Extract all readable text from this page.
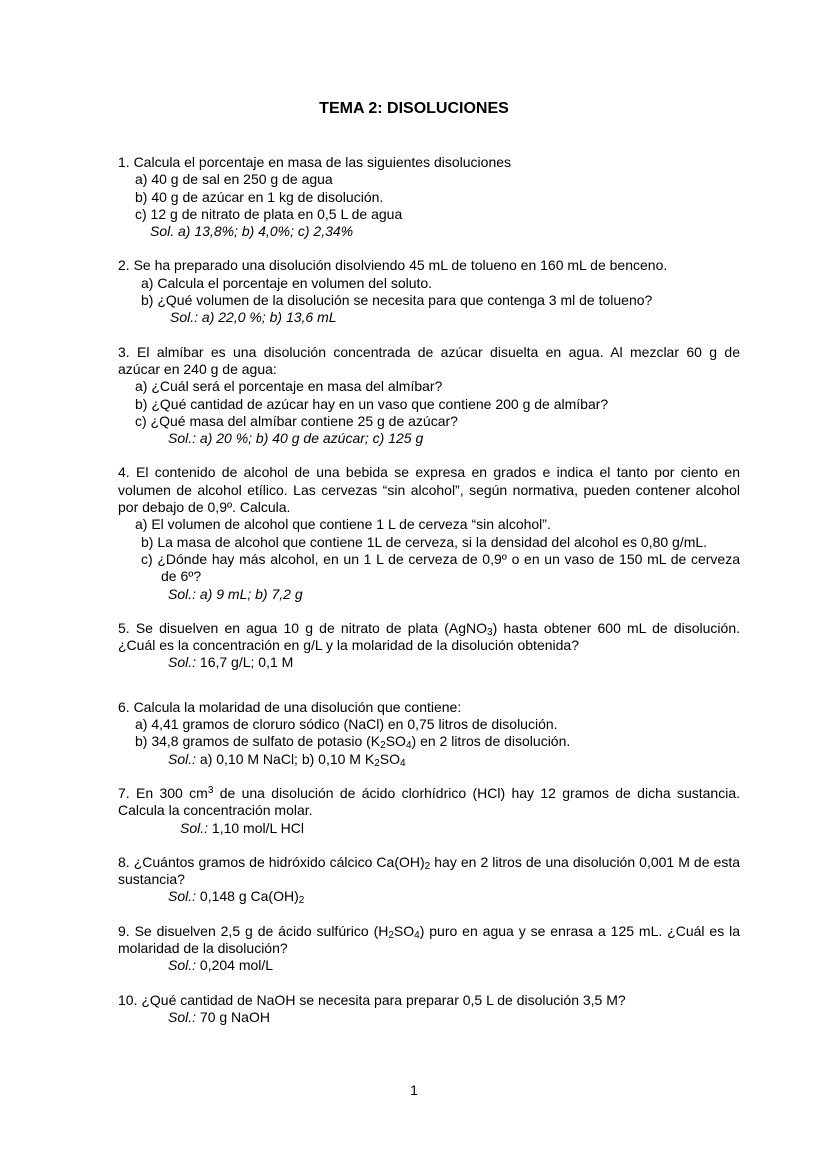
TEMA 2: DISOLUCIONES
1. Calcula el porcentaje en masa de las siguientes disoluciones
a) 40 g de sal en 250 g de agua
b) 40 g de azúcar en 1 kg de disolución.
c) 12 g de nitrato de plata en 0,5 L de agua
Sol. a) 13,8%; b) 4,0%; c) 2,34%
2. Se ha preparado una disolución disolviendo 45 mL de tolueno en 160 mL de benceno.
a) Calcula el porcentaje en volumen del soluto.
b) ¿Qué volumen de la disolución se necesita para que contenga 3 ml de tolueno?
Sol.: a) 22,0 %; b) 13,6 mL
3. El almíbar es una disolución concentrada de azúcar disuelta en agua. Al mezclar 60 g de
azúcar en 240 g de agua:
a) ¿Cuál será el porcentaje en masa del almíbar?
b) ¿Qué cantidad de azúcar hay en un vaso que contiene 200 g de almíbar?
c) ¿Qué masa del almíbar contiene 25 g de azúcar?
Sol.: a) 20 %; b) 40 g de azúcar; c) 125 g
4. El contenido de alcohol de una bebida se expresa en grados e indica el tanto por ciento en volumen de alcohol etílico. Las cervezas “sin alcohol”, según normativa, pueden contener alcohol por debajo de 0,9º. Calcula.
a) El volumen de alcohol que contiene 1 L de cerveza “sin alcohol”.
b) La masa de alcohol que contiene 1L de cerveza, si la densidad del alcohol es 0,80 g/mL.
c) ¿Dónde hay más alcohol, en un 1 L de cerveza de 0,9º o en un vaso de 150 mL de cerveza de 6º?
Sol.: a) 9 mL; b) 7,2 g
5. Se disuelven en agua 10 g de nitrato de plata (AgNO$_3$) hasta obtener 600 mL de disolución. ¿Cuál es la concentración en g/L y la molaridad de la disolución obtenida?
Sol.: 16,7 g/L; 0,1 M
6. Calcula la molaridad de una disolución que contiene:
a) 4,41 gramos de cloruro sódico (NaCl) en 0,75 litros de disolución.
b) 34,8 gramos de sulfato de potasio $(K_2SO_4)$ en 2 litros de disolución.
Sol.: a) 0,10 M NaCl; b) 0,10 M $K_2SO_4$
7. En 300 $cm^3$ de una disolución de ácido clorhídrico (HCl) hay 12 gramos de dicha sustancia. Calcula la concentración molar.
Sol.: 1,10 mol/L HCl
8. ¿Cuántos gramos de hidróxido cálcico $Ca(OH)_2$ hay en 2 litros de una disolución 0,001 M de esta sustancia?
Sol.: 0,148 g $Ca(OH)_2$
9. Se disuelven 2,5 g de ácido sulfúrico $(H_2SO_4)$ puro en agua y se enrasa a 125 mL. ¿Cuál es la molaridad de la disolución?
Sol.: 0,204 mol/L
10. ¿Qué cantidad de NaOH se necesita para preparar 0,5 L de disolución 3,5 M?
Sol.: 70 g NaOH
1
